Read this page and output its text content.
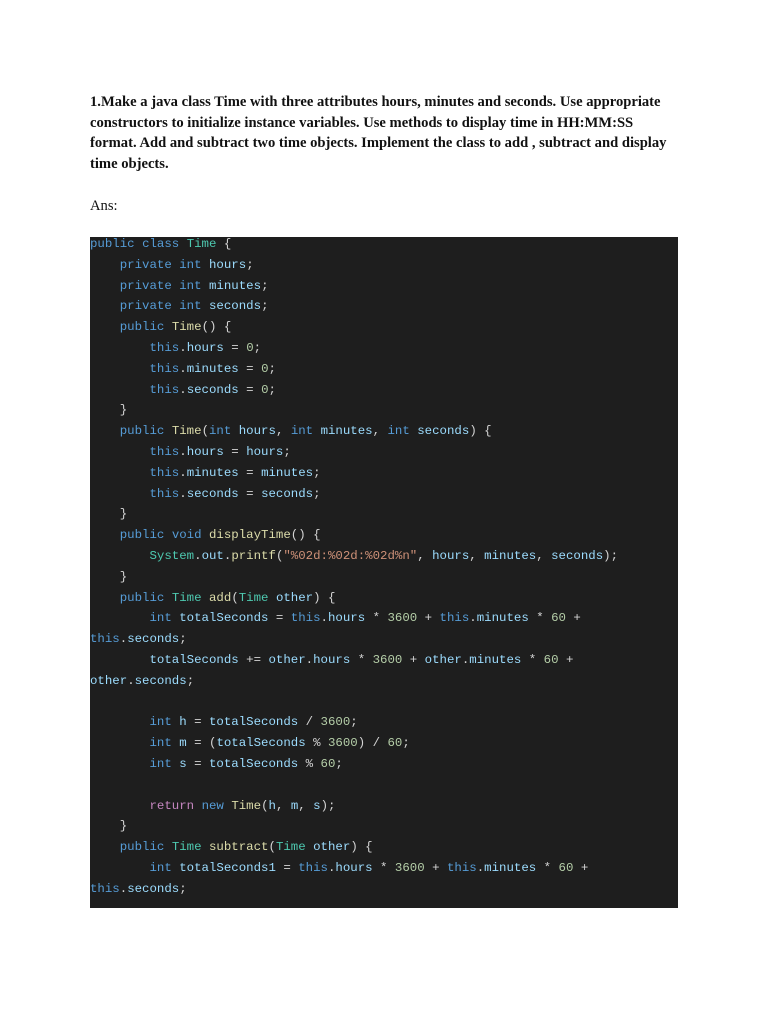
1.Make a java class Time with three attributes hours, minutes and seconds. Use appropriate constructors to initialize instance variables. Use methods to display time in HH:MM:SS format. Add and subtract two time objects. Implement the class to add , subtract and display time objects.

Ans:

public class Time {
private int hours;
private int minutes;
private int seconds;
public Time() {
this.hours = 0;
this.minutes = 0;
this.seconds = 0;
}
public Time(int hours, int minutes, int seconds) {
this.hours = hours;
this.minutes = minutes;
this.seconds = seconds;
}
public void displayTime() {
System.out.printf("%02d:%02d:%02d%n", hours, minutes, seconds);
}
public Time add(Time other) {
int totalSeconds = this.hours * 3600 + this.minutes * 60 +
this.seconds;
totalSeconds += other.hours * 3600 + other.minutes * 60 +
other.seconds;
int h = totalSeconds / 3600;
int m = (totalSeconds % 3600) / 60;
int s = totalSeconds % 60;
return new Time(h, m, s);
}
public Time subtract(Time other) {
int totalSeconds1 = this.hours * 3600 + this.minutes * 60 +
this.seconds;
